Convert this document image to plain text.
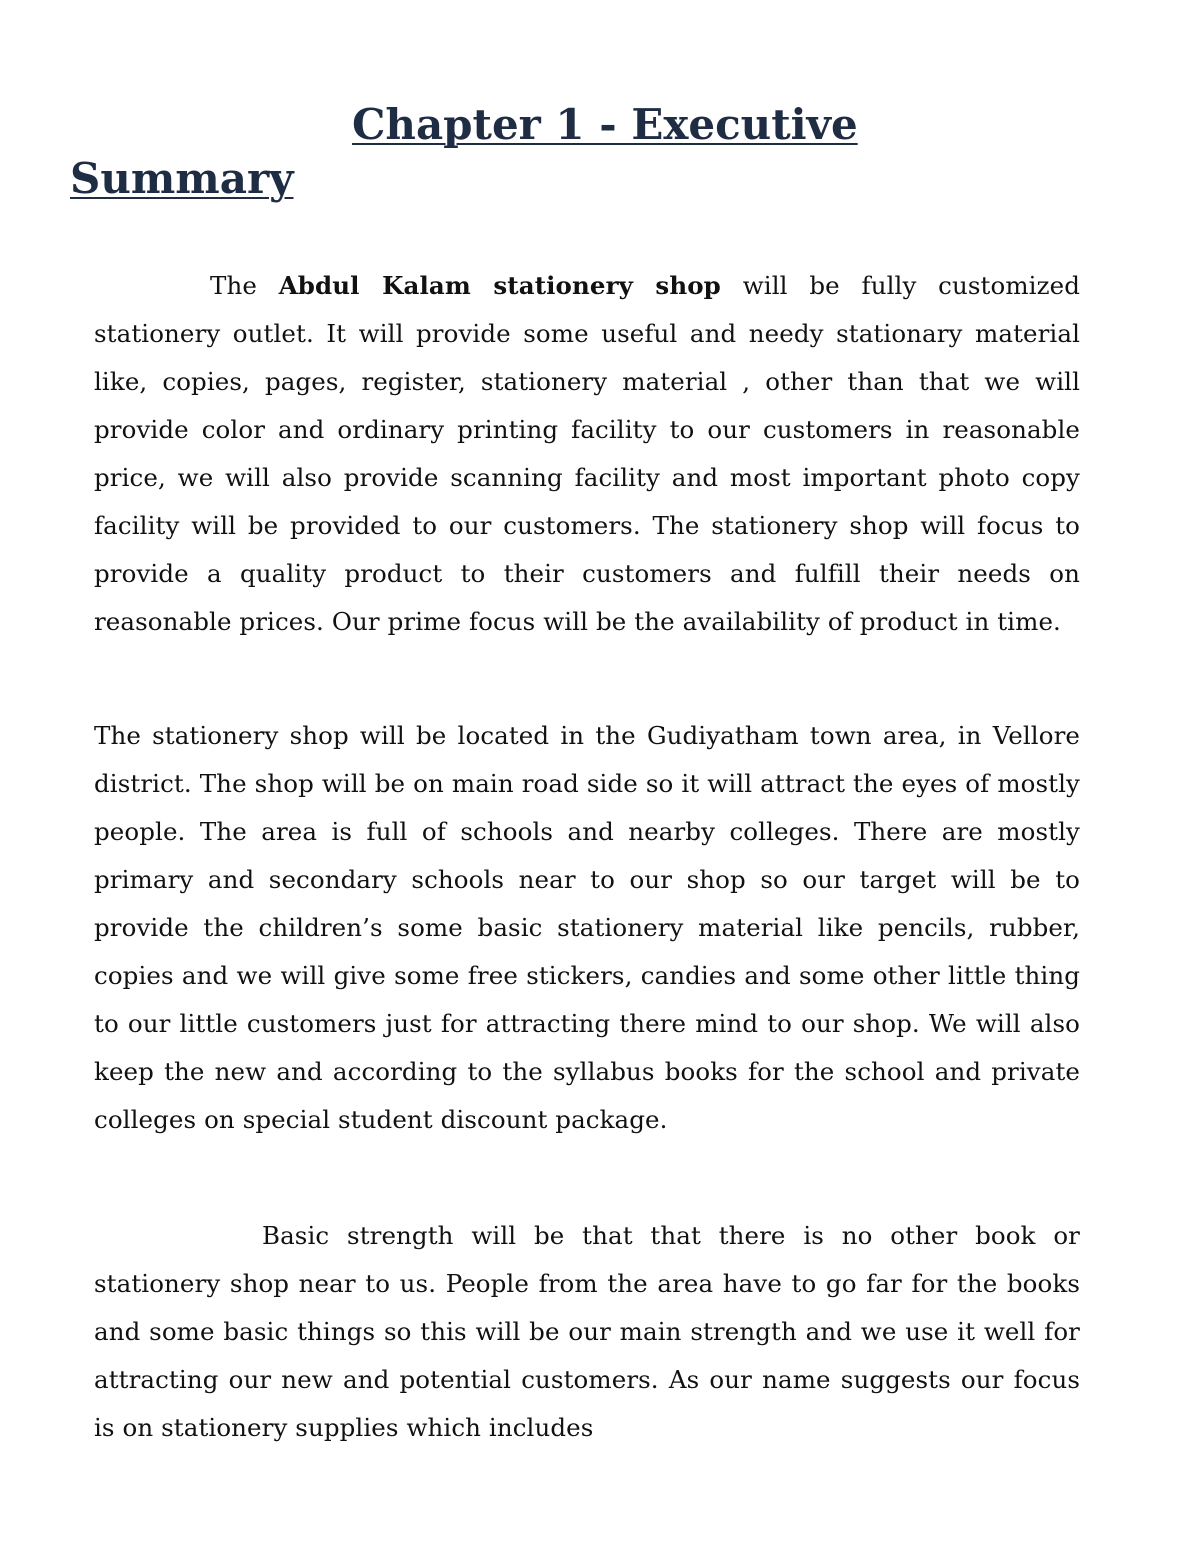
Chapter 1 - Executive Summary

The Abdul Kalam stationery shop will be fully customized stationery outlet. It will provide some useful and needy stationary material like, copies, pages, register, stationery material , other than that we will provide color and ordinary printing facility to our customers in reasonable price, we will also provide scanning facility and most important photo copy facility will be provided to our customers. The stationery shop will focus to provide a quality product to their customers and fulfill their needs on reasonable prices. Our prime focus will be the availability of product in time.

The stationery shop will be located in the Gudiyatham town area, in Vellore district. The shop will be on main road side so it will attract the eyes of mostly people. The area is full of schools and nearby colleges. There are mostly primary and secondary schools near to our shop so our target will be to provide the children’s some basic stationery material like pencils, rubber, copies and we will give some free stickers, candies and some other little thing to our little customers just for attracting there mind to our shop. We will also keep the new and according to the syllabus books for the school and private colleges on special student discount package.

Basic strength will be that that there is no other book or stationery shop near to us. People from the area have to go far for the books and some basic things so this will be our main strength and we use it well for attracting our new and potential customers. As our name suggests our focus is on stationery supplies which includes
